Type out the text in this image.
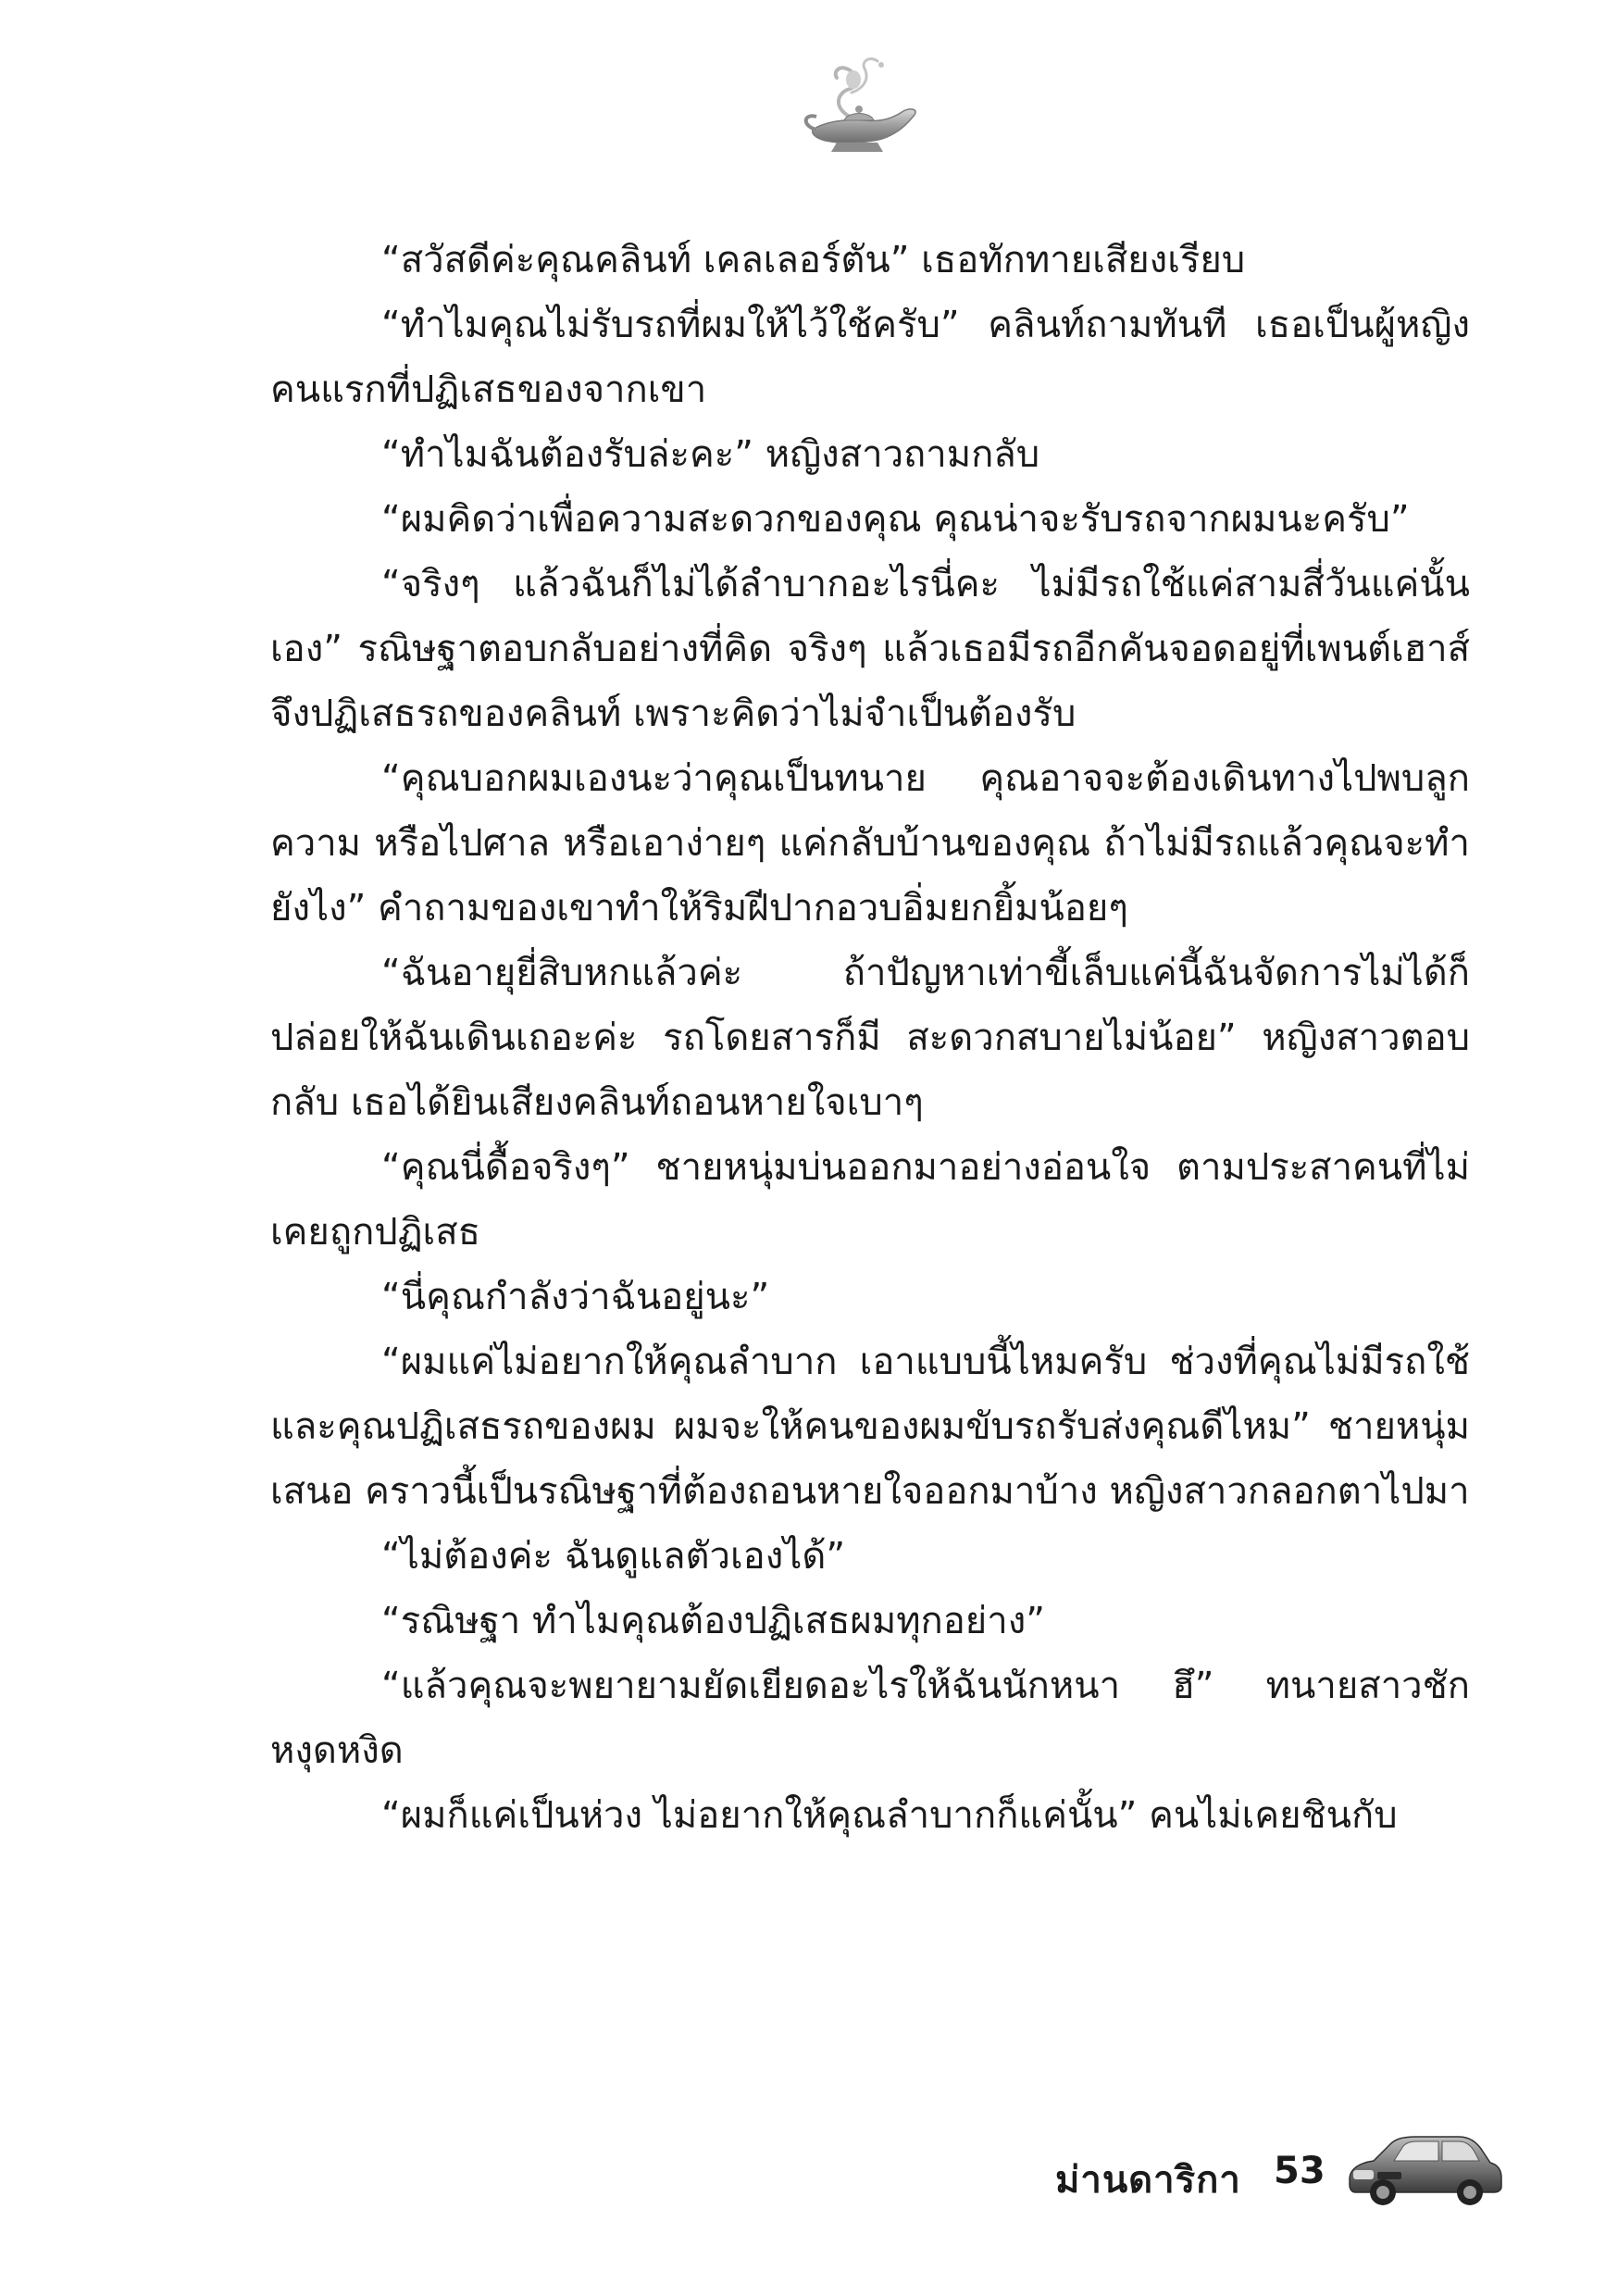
“สวัสดีค่ะคุณคลินท์ เคลเลอร์ตัน” เธอทักทายเสียงเรียบ

“ทำไมคุณไม่รับรถที่ผมให้ไว้ใช้ครับ” คลินท์ถามทันที เธอเป็นผู้หญิงคนแรกที่ปฏิเสธของจากเขา

“ทำไมฉันต้องรับล่ะคะ” หญิงสาวถามกลับ

“ผมคิดว่าเพื่อความสะดวกของคุณ คุณน่าจะรับรถจากผมนะครับ”

“จริงๆ แล้วฉันก็ไม่ได้ลำบากอะไรนี่คะ ไม่มีรถใช้แค่สามสี่วันแค่นั้นเอง” รณิษฐาตอบกลับอย่างที่คิด จริงๆ แล้วเธอมีรถอีกคันจอดอยู่ที่เพนต์เฮาส์ จึงปฏิเสธรถของคลินท์ เพราะคิดว่าไม่จำเป็นต้องรับ

“คุณบอกผมเองนะว่าคุณเป็นทนาย คุณอาจจะต้องเดินทางไปพบลูกความ หรือไปศาล หรือเอาง่ายๆ แค่กลับบ้านของคุณ ถ้าไม่มีรถแล้วคุณจะทำยังไง” คำถามของเขาทำให้ริมฝีปากอวบอิ่มยกยิ้มน้อยๆ

“ฉันอายุยี่สิบหกแล้วค่ะ ถ้าปัญหาเท่าขี้เล็บแค่นี้ฉันจัดการไม่ได้ก็ปล่อยให้ฉันเดินเถอะค่ะ รถโดยสารก็มี สะดวกสบายไม่น้อย” หญิงสาวตอบกลับ เธอได้ยินเสียงคลินท์ถอนหายใจเบาๆ

“คุณนี่ดื้อจริงๆ” ชายหนุ่มบ่นออกมาอย่างอ่อนใจ ตามประสาคนที่ไม่เคยถูกปฏิเสธ

“นี่คุณกำลังว่าฉันอยู่นะ”

“ผมแค่ไม่อยากให้คุณลำบาก เอาแบบนี้ไหมครับ ช่วงที่คุณไม่มีรถใช้และคุณปฏิเสธรถของผม ผมจะให้คนของผมขับรถรับส่งคุณดีไหม” ชายหนุ่มเสนอ คราวนี้เป็นรณิษฐาที่ต้องถอนหายใจออกมาบ้าง หญิงสาวกลอกตาไปมา

“ไม่ต้องค่ะ ฉันดูแลตัวเองได้”

“รณิษฐา ทำไมคุณต้องปฏิเสธผมทุกอย่าง”

“แล้วคุณจะพยายามยัดเยียดอะไรให้ฉันนักหนา ฮึ” ทนายสาวชักหงุดหงิด

“ผมก็แค่เป็นห่วง ไม่อยากให้คุณลำบากก็แค่นั้น” คนไม่เคยชินกับ

ม่านดาริกา 53
